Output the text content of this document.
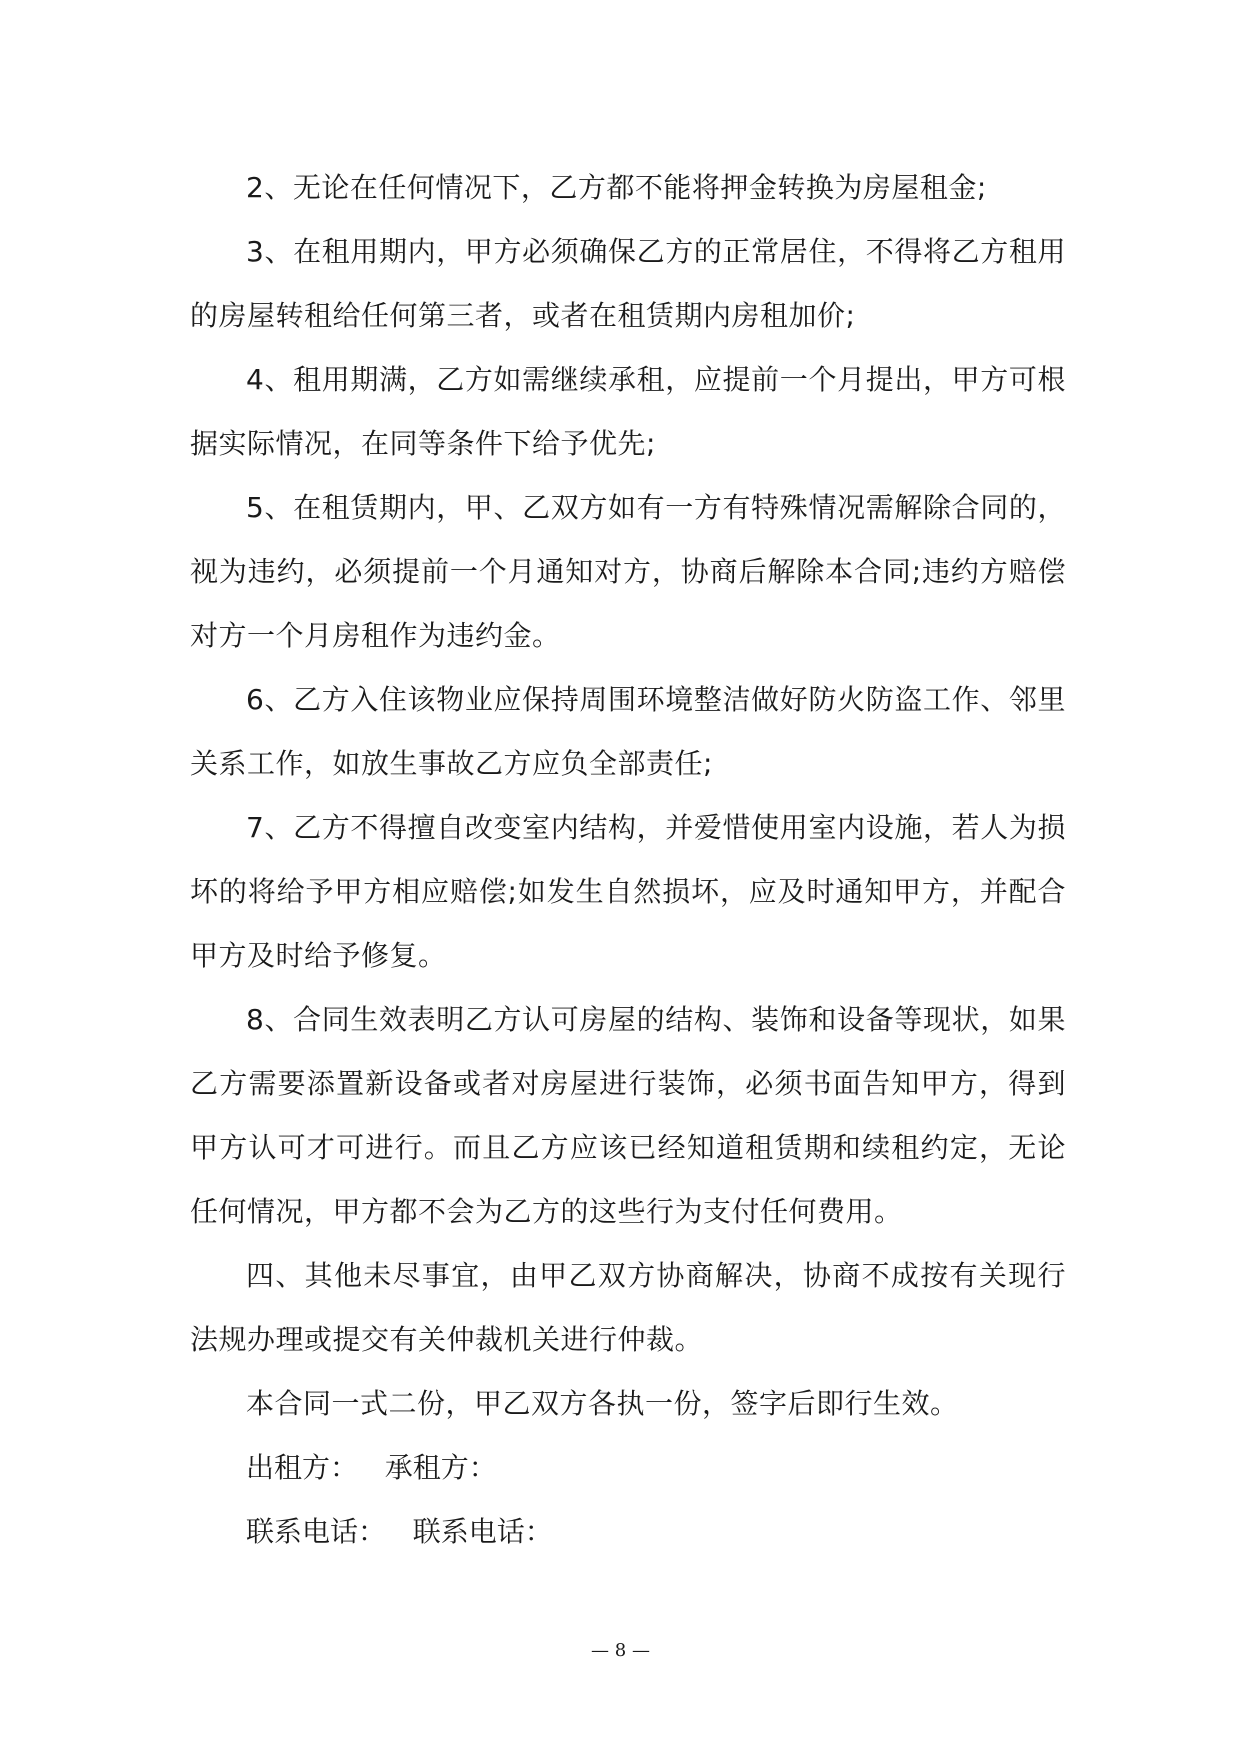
2、无论在任何情况下，乙方都不能将押金转换为房屋租金;

3、在租用期内，甲方必须确保乙方的正常居住，不得将乙方租用的房屋转租给任何第三者，或者在租赁期内房租加价;

4、租用期满，乙方如需继续承租，应提前一个月提出，甲方可根据实际情况，在同等条件下给予优先;

5、在租赁期内，甲、乙双方如有一方有特殊情况需解除合同的，视为违约，必须提前一个月通知对方，协商后解除本合同;违约方赔偿对方一个月房租作为违约金。

6、乙方入住该物业应保持周围环境整洁做好防火防盗工作、邻里关系工作，如放生事故乙方应负全部责任;

7、乙方不得擅自改变室内结构，并爱惜使用室内设施，若人为损坏的将给予甲方相应赔偿;如发生自然损坏，应及时通知甲方，并配合甲方及时给予修复。

8、合同生效表明乙方认可房屋的结构、装饰和设备等现状，如果乙方需要添置新设备或者对房屋进行装饰，必须书面告知甲方，得到甲方认可才可进行。而且乙方应该已经知道租赁期和续租约定，无论任何情况，甲方都不会为乙方的这些行为支付任何费用。

四、其他未尽事宜，由甲乙双方协商解决，协商不成按有关现行法规办理或提交有关仲裁机关进行仲裁。

本合同一式二份，甲乙双方各执一份，签字后即行生效。

出租方： 承租方：

联系电话： 联系电话：

— 8 —
